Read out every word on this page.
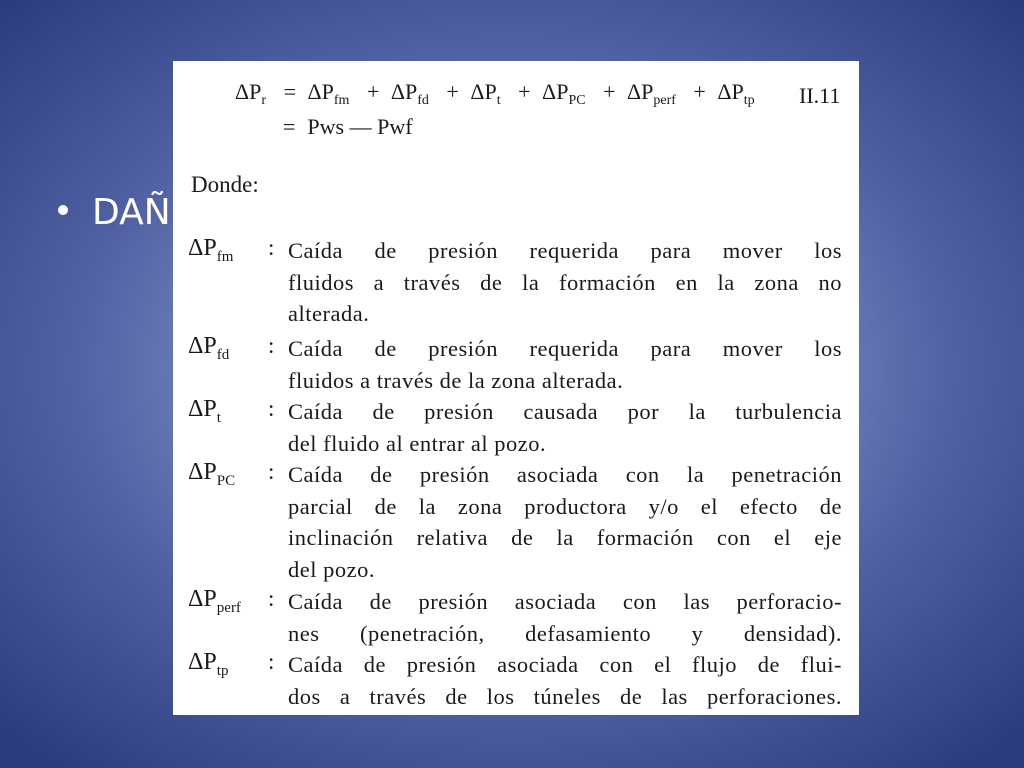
DAÑ
$\Delta P_r = \Delta P_{fm} + \Delta P_{fd} + \Delta P_t + \Delta P_{PC} + \Delta P_{perf} + \Delta P_{tp}$ II.11
= Pws — Pwf
Donde:
$\Delta P_{fm}$ : Caída de presión requerida para mover los
fluidos a través de la formación en la zona no
alterada.
$\Delta P_{fd}$ : Caída de presión requerida para mover los
fluidos a través de la zona alterada.
$\Delta P_t$ : Caída de presión causada por la turbulencia
del fluido al entrar al pozo.
$\Delta P_{PC}$ : Caída de presión asociada con la penetración
parcial de la zona productora y/o el efecto de
inclinación relativa de la formación con el eje
del pozo.
$\Delta P_{perf}$ : Caída de presión asociada con las perforacio-
nes (penetración, defasamiento y densidad).
$\Delta P_{tp}$ : Caída de presión asociada con el flujo de flui-
dos a través de los túneles de las perforaciones.
